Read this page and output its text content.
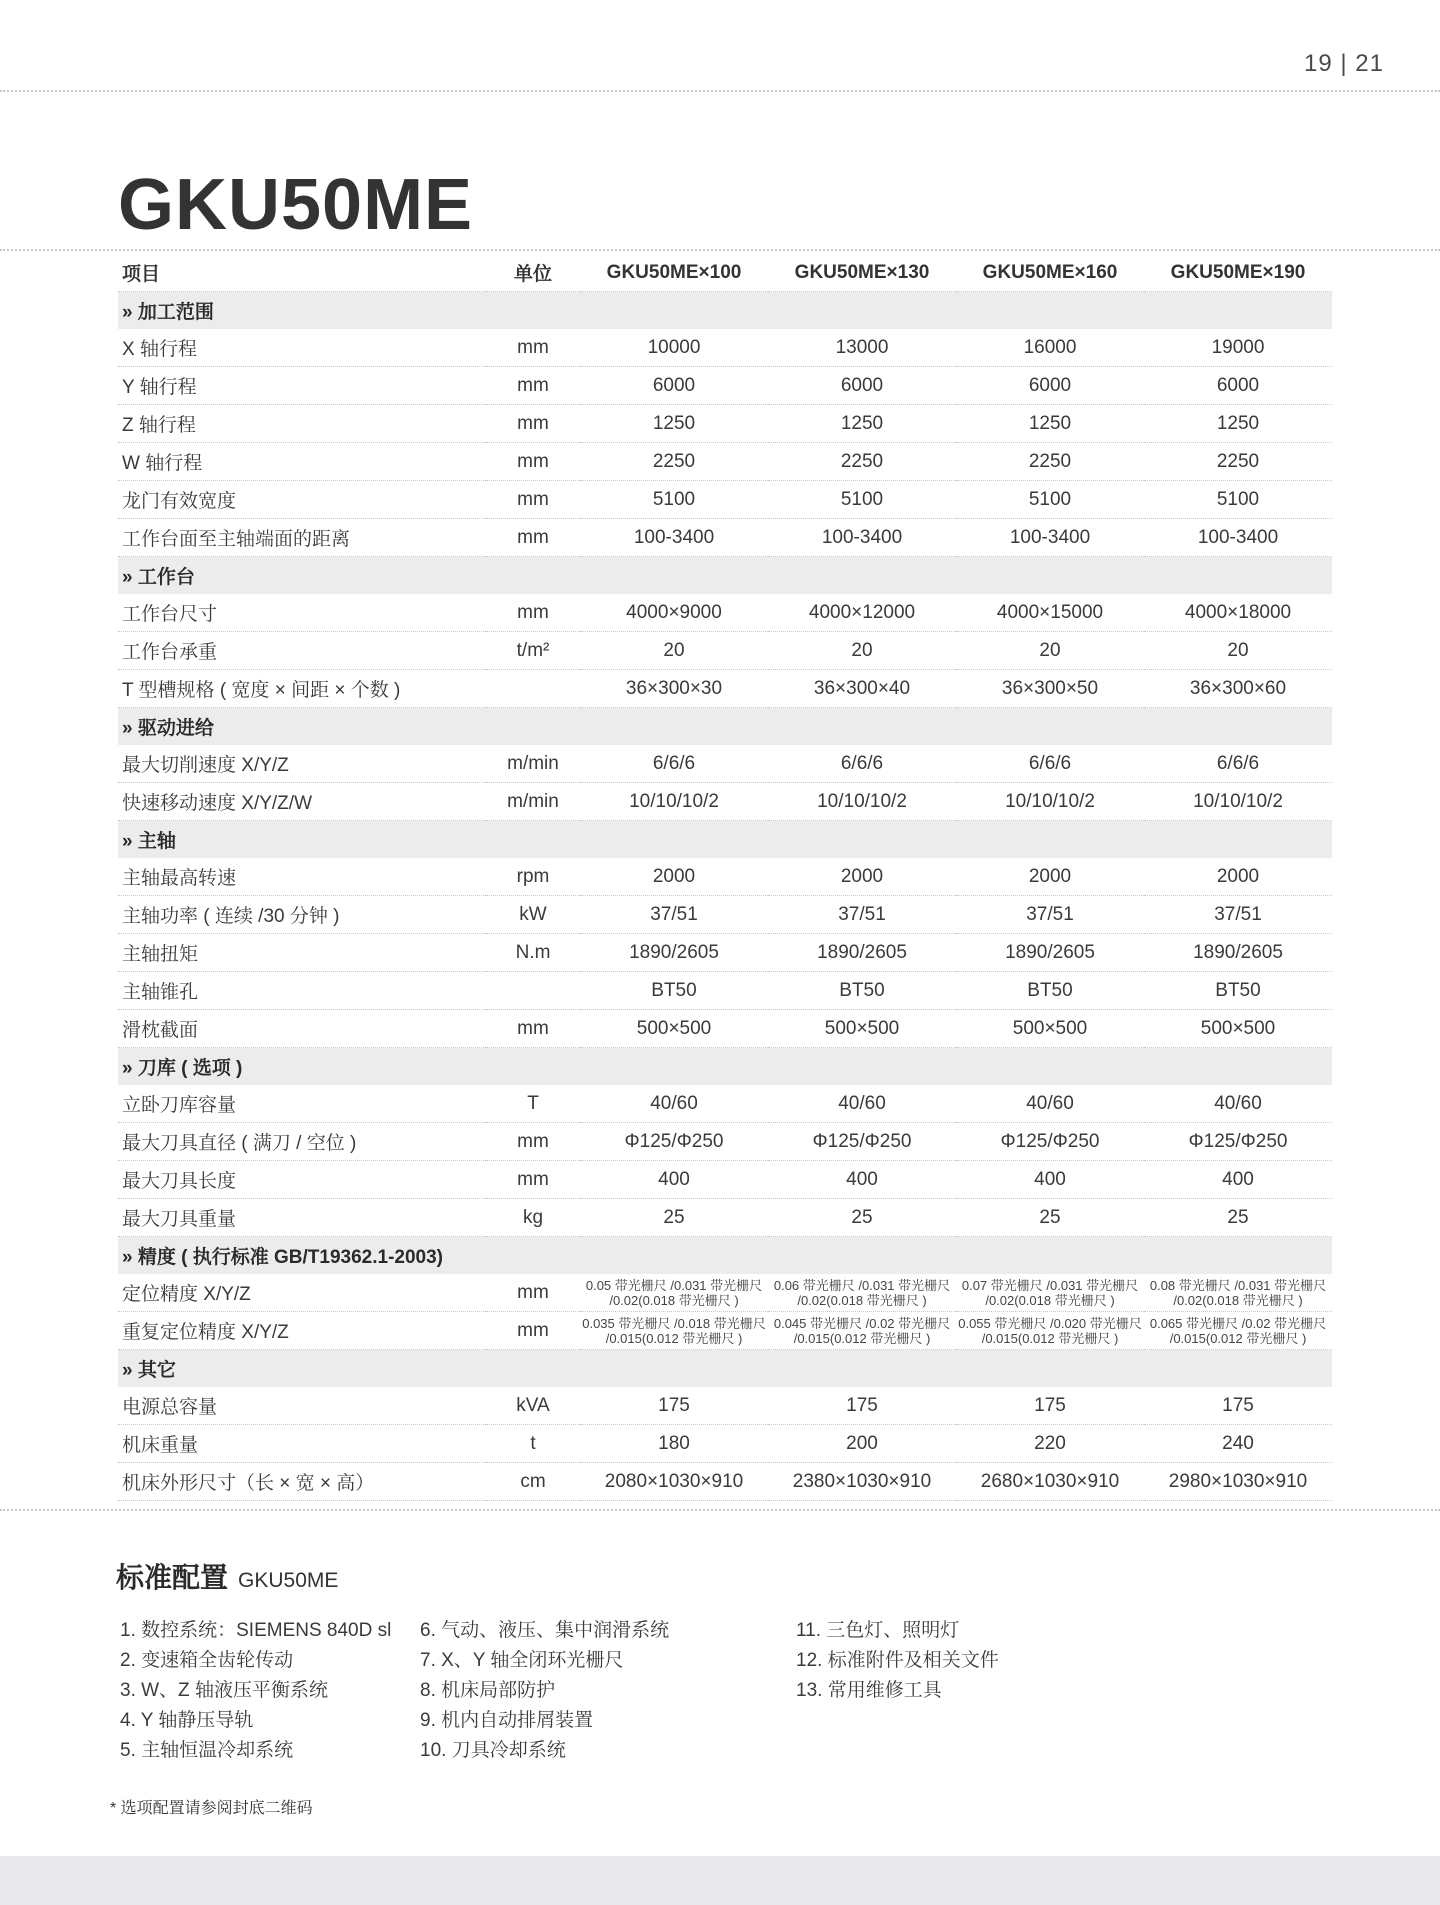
19 | 21
GKU50ME
项目	单位	GKU50ME×100	GKU50ME×130	GKU50ME×160	GKU50ME×190
» 加工范围					
X 轴行程	mm	10000	13000	16000	19000
Y 轴行程	mm	6000	6000	6000	6000
Z 轴行程	mm	1250	1250	1250	1250
W 轴行程	mm	2250	2250	2250	2250
龙门有效宽度	mm	5100	5100	5100	5100
工作台面至主轴端面的距离	mm	100-3400	100-3400	100-3400	100-3400
» 工作台					
工作台尺寸	mm	4000×9000	4000×12000	4000×15000	4000×18000
工作台承重	t/m²	20	20	20	20
T 型槽规格 ( 宽度 × 间距 × 个数 )		36×300×30	36×300×40	36×300×50	36×300×60
» 驱动进给					
最大切削速度 X/Y/Z	m/min	6/6/6	6/6/6	6/6/6	6/6/6
快速移动速度 X/Y/Z/W	m/min	10/10/10/2	10/10/10/2	10/10/10/2	10/10/10/2
» 主轴					
主轴最高转速	rpm	2000	2000	2000	2000
主轴功率 ( 连续 /30 分钟 )	kW	37/51	37/51	37/51	37/51
主轴扭矩	N.m	1890/2605	1890/2605	1890/2605	1890/2605
主轴锥孔		BT50	BT50	BT50	BT50
滑枕截面	mm	500×500	500×500	500×500	500×500
» 刀库 ( 选项 )					
立卧刀库容量	T	40/60	40/60	40/60	40/60
最大刀具直径 ( 满刀 / 空位 )	mm	Φ125/Φ250	Φ125/Φ250	Φ125/Φ250	Φ125/Φ250
最大刀具长度	mm	400	400	400	400
最大刀具重量	kg	25	25	25	25
» 精度 ( 执行标准 GB/T19362.1-2003)					
定位精度 X/Y/Z	mm	0.05 带光栅尺 /0.031 带光栅尺 /0.02(0.018 带光栅尺 )	0.06 带光栅尺 /0.031 带光栅尺 /0.02(0.018 带光栅尺 )	0.07 带光栅尺 /0.031 带光栅尺 /0.02(0.018 带光栅尺 )	0.08 带光栅尺 /0.031 带光栅尺 /0.02(0.018 带光栅尺 )
重复定位精度 X/Y/Z	mm	0.035 带光栅尺 /0.018 带光栅尺 /0.015(0.012 带光栅尺 )	0.045 带光栅尺 /0.02 带光栅尺 /0.015(0.012 带光栅尺 )	0.055 带光栅尺 /0.020 带光栅尺 /0.015(0.012 带光栅尺 )	0.065 带光栅尺 /0.02 带光栅尺 /0.015(0.012 带光栅尺 )
» 其它					
电源总容量	kVA	175	175	175	175
机床重量	t	180	200	220	240
机床外形尺寸（长 × 宽 × 高）	cm	2080×1030×910	2380×1030×910	2680×1030×910	2980×1030×910
标准配置 GKU50ME
1. 数控系统：SIEMENS 840D sl
2. 变速箱全齿轮传动
3. W、Z 轴液压平衡系统
4. Y 轴静压导轨
5. 主轴恒温冷却系统
6. 气动、液压、集中润滑系统
7. X、Y 轴全闭环光栅尺
8. 机床局部防护
9. 机内自动排屑装置
10. 刀具冷却系统
11. 三色灯、照明灯
12. 标准附件及相关文件
13. 常用维修工具
* 选项配置请参阅封底二维码
